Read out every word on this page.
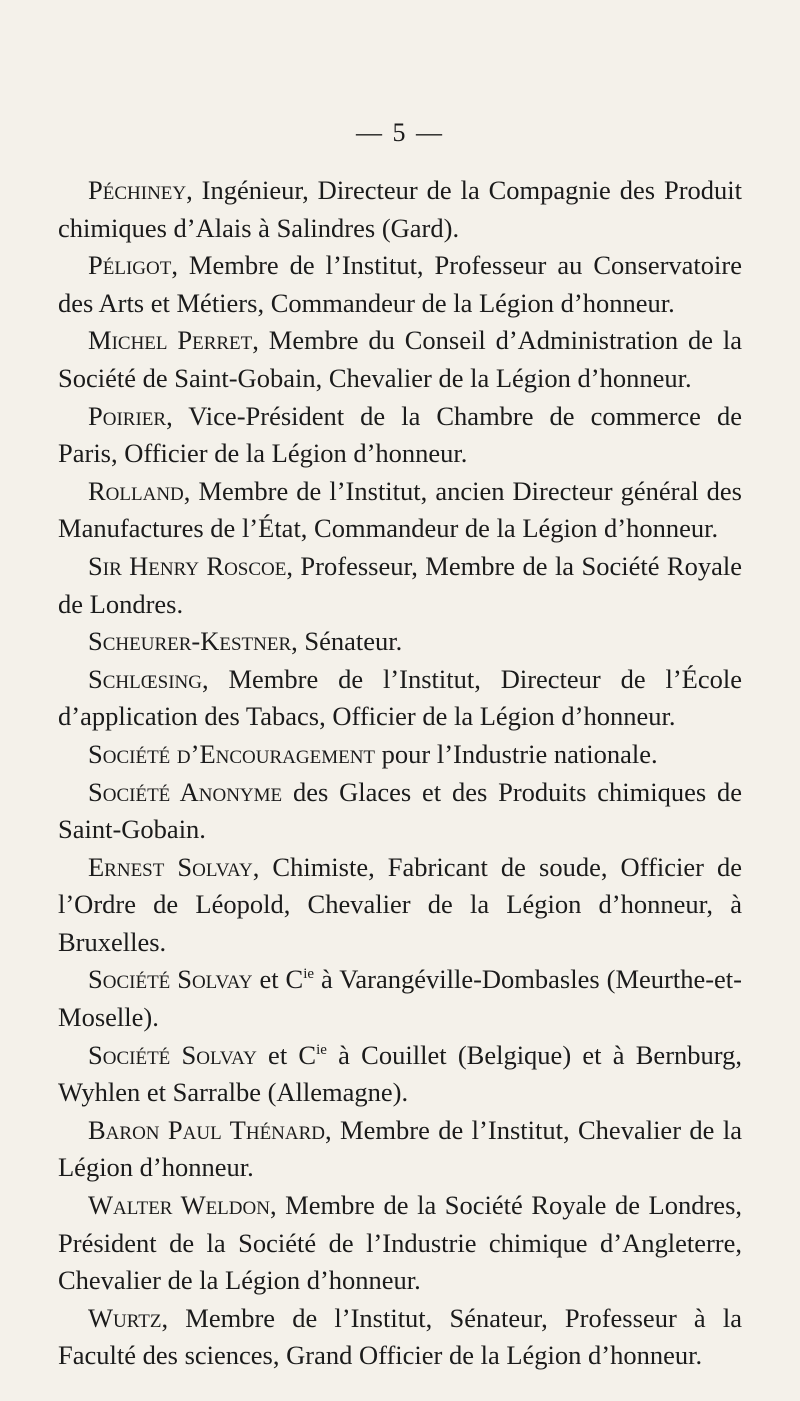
— 5 —

Péchiney, Ingénieur, Directeur de la Compagnie des Produit chimiques d’Alais à Salindres (Gard).

Péligot, Membre de l’Institut, Professeur au Conservatoire des Arts et Métiers, Commandeur de la Légion d’honneur.

Michel Perret, Membre du Conseil d’Administration de la Société de Saint-Gobain, Chevalier de la Légion d’honneur.

Poirier, Vice-Président de la Chambre de commerce de Paris, Officier de la Légion d’honneur.

Rolland, Membre de l’Institut, ancien Directeur général des Manufactures de l’État, Commandeur de la Légion d’honneur.

Sir Henry Roscoe, Professeur, Membre de la Société Royale de Londres.

Scheurer-Kestner, Sénateur.

Schlœsing, Membre de l’Institut, Directeur de l’École d’application des Tabacs, Officier de la Légion d’honneur.

Société d’Encouragement pour l’Industrie nationale.

Société Anonyme des Glaces et des Produits chimiques de Saint-Gobain.

Ernest Solvay, Chimiste, Fabricant de soude, Officier de l’Ordre de Léopold, Chevalier de la Légion d’honneur, à Bruxelles.

Société Solvay et $C^{ie}$ à Varangéville-Dombasles (Meurthe-et-Moselle).

Société Solvay et $C^{ie}$ à Couillet (Belgique) et à Bernburg, Wyhlen et Sarralbe (Allemagne).

Baron Paul Thénard, Membre de l’Institut, Chevalier de la Légion d’honneur.

Walter Weldon, Membre de la Société Royale de Londres, Président de la Société de l’Industrie chimique d’Angleterre, Chevalier de la Légion d’honneur.

Wurtz, Membre de l’Institut, Sénateur, Professeur à la Faculté des sciences, Grand Officier de la Légion d’honneur.
